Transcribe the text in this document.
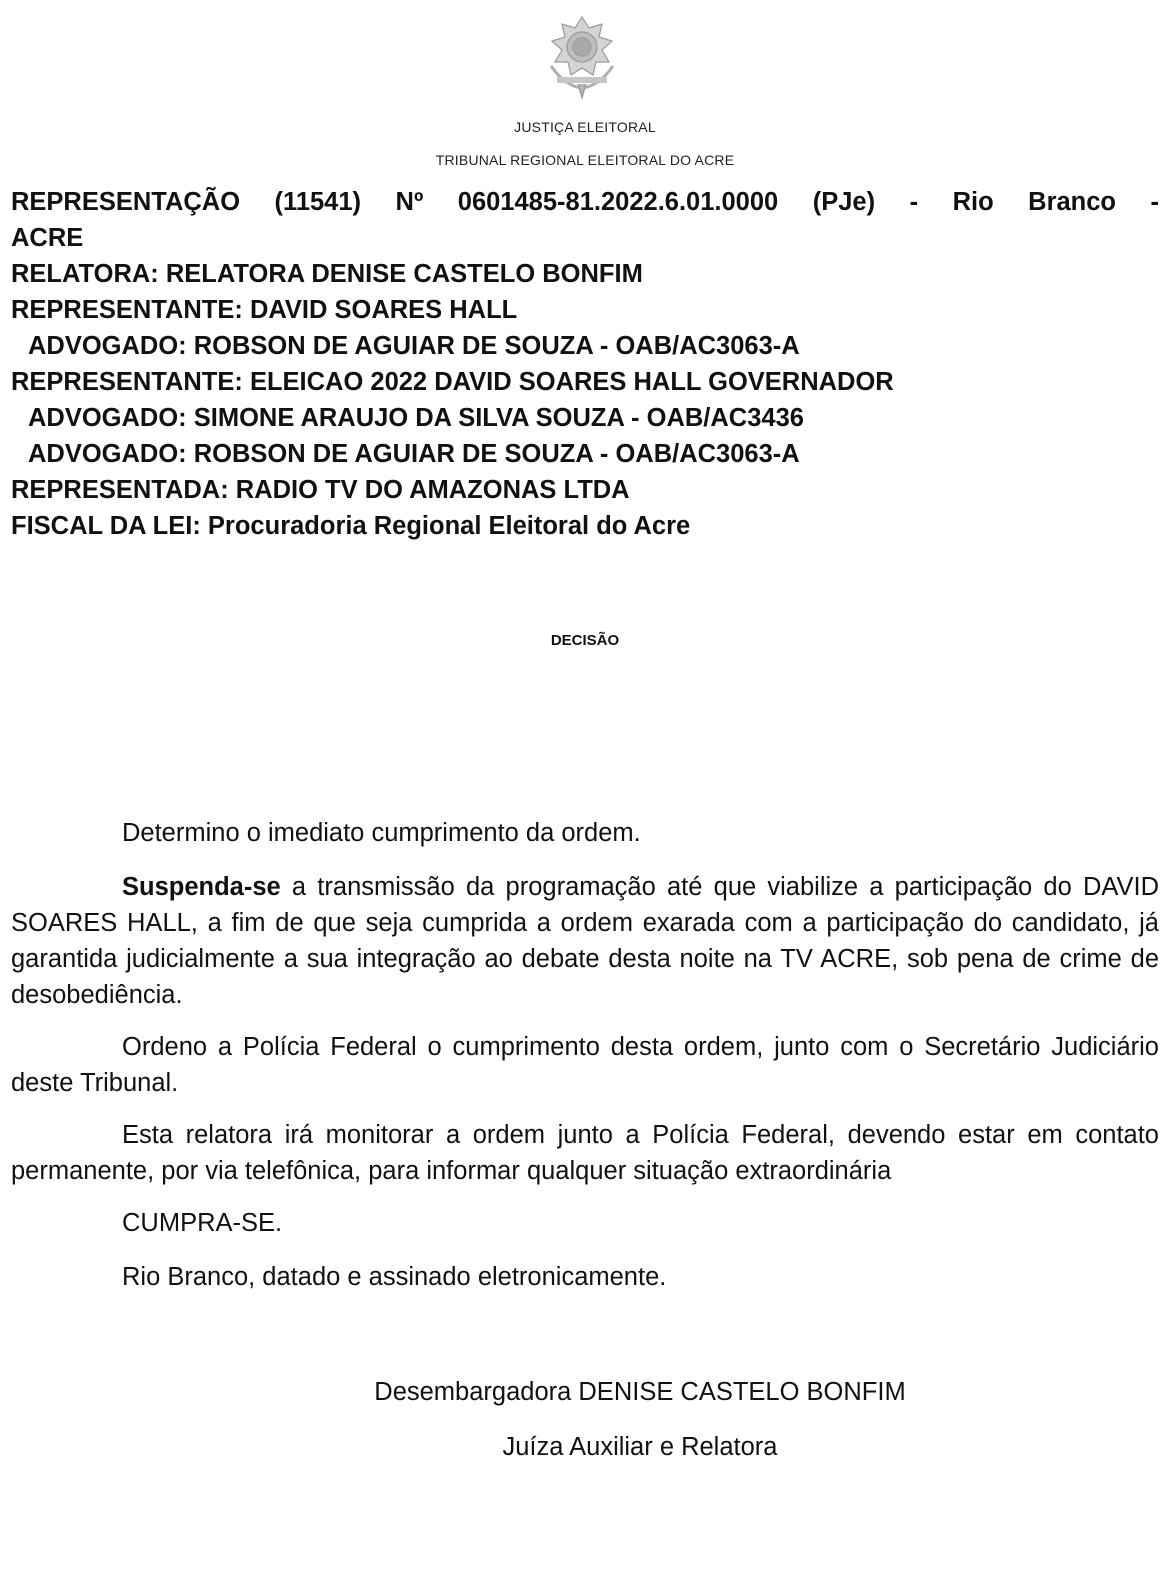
JUSTIÇA ELEITORAL
TRIBUNAL REGIONAL ELEITORAL DO ACRE
REPRESENTAÇÃO (11541) Nº 0601485-81.2022.6.01.0000 (PJe) - Rio Branco -
ACRE
RELATORA: RELATORA DENISE CASTELO BONFIM
REPRESENTANTE: DAVID SOARES HALL
ADVOGADO: ROBSON DE AGUIAR DE SOUZA - OAB/AC3063-A
REPRESENTANTE: ELEICAO 2022 DAVID SOARES HALL GOVERNADOR
ADVOGADO: SIMONE ARAUJO DA SILVA SOUZA - OAB/AC3436
ADVOGADO: ROBSON DE AGUIAR DE SOUZA - OAB/AC3063-A
REPRESENTADA: RADIO TV DO AMAZONAS LTDA
FISCAL DA LEI: Procuradoria Regional Eleitoral do Acre
DECISÃO

Determino o imediato cumprimento da ordem.

Suspenda-se a transmissão da programação até que viabilize a participação do DAVID SOARES HALL, a fim de que seja cumprida a ordem exarada com a participação do candidato, já garantida judicialmente a sua integração ao debate desta noite na TV ACRE, sob pena de crime de desobediência.

Ordeno a Polícia Federal o cumprimento desta ordem, junto com o Secretário Judiciário deste Tribunal.

Esta relatora irá monitorar a ordem junto a Polícia Federal, devendo estar em contato permanente, por via telefônica, para informar qualquer situação extraordinária

CUMPRA-SE.

Rio Branco, datado e assinado eletronicamente.

Desembargadora DENISE CASTELO BONFIM
Juíza Auxiliar e Relatora
